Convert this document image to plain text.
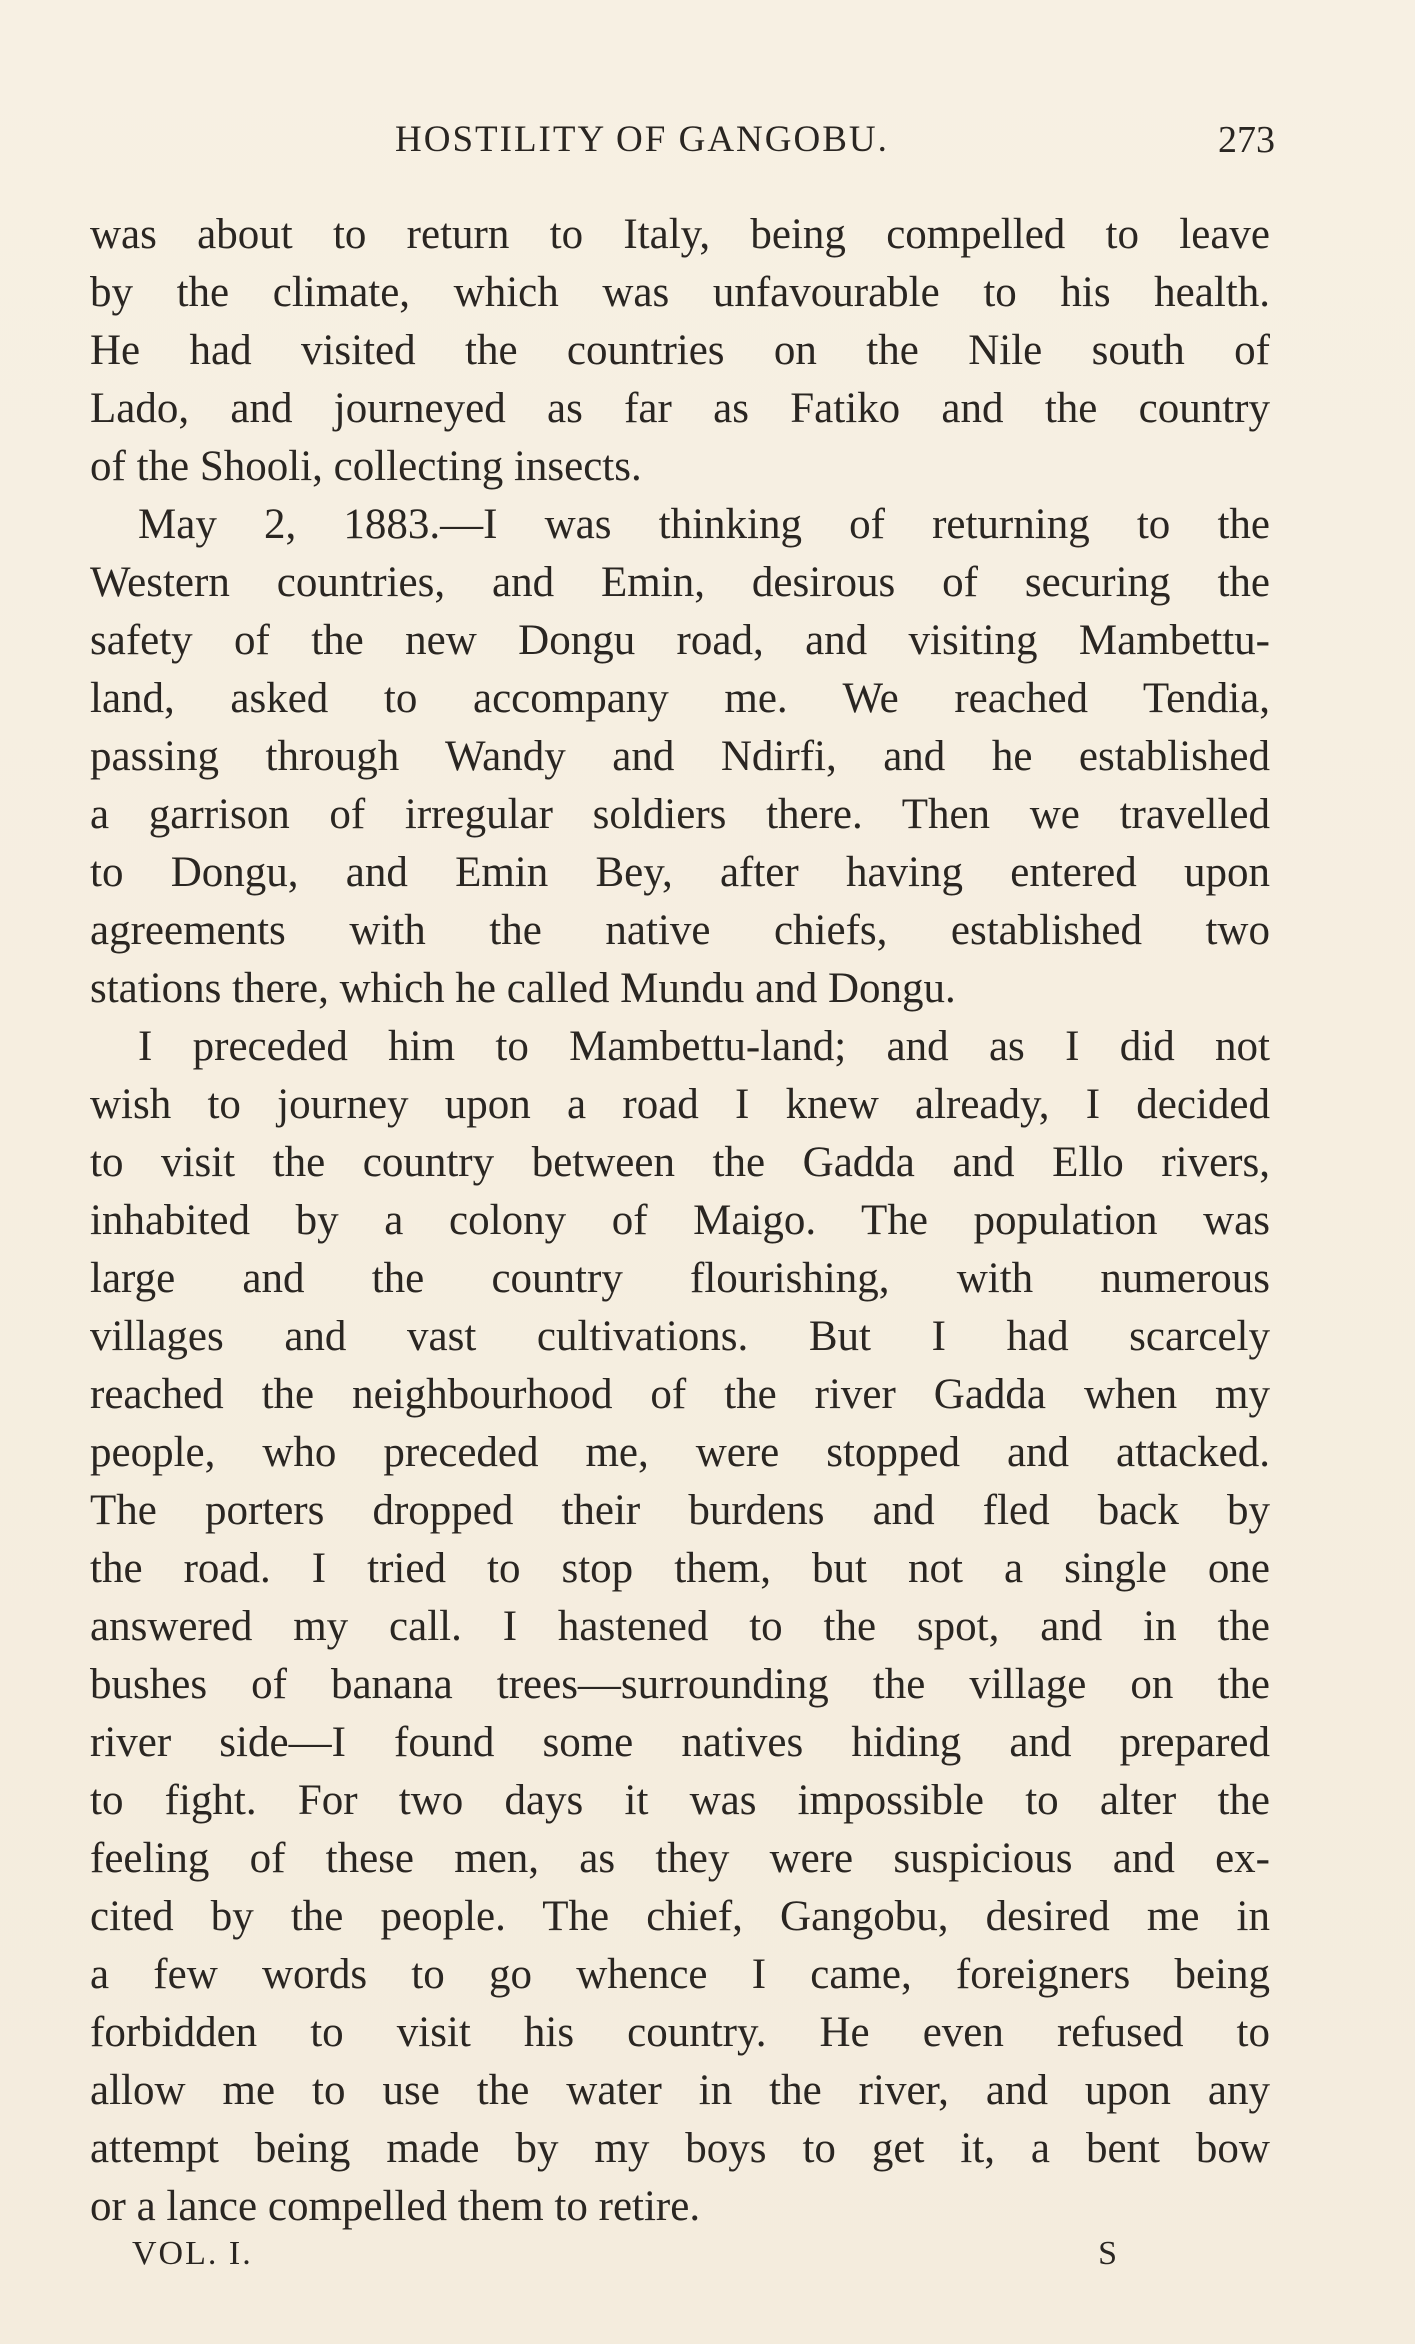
HOSTILITY OF GANGOBU.	273
was about to return to Italy, being compelled to leave
by the climate, which was unfavourable to his health.
He had visited the countries on the Nile south of
Lado, and journeyed as far as Fatiko and the country
of the Shooli, collecting insects.
May 2, 1883.—I was thinking of returning to the
Western countries, and Emin, desirous of securing the
safety of the new Dongu road, and visiting Mambettu-
land, asked to accompany me. We reached Tendia,
passing through Wandy and Ndirfi, and he established
a garrison of irregular soldiers there. Then we travelled
to Dongu, and Emin Bey, after having entered upon
agreements with the native chiefs, established two
stations there, which he called Mundu and Dongu.
I preceded him to Mambettu-land; and as I did not
wish to journey upon a road I knew already, I decided
to visit the country between the Gadda and Ello rivers,
inhabited by a colony of Maigo. The population was
large and the country flourishing, with numerous
villages and vast cultivations. But I had scarcely
reached the neighbourhood of the river Gadda when my
people, who preceded me, were stopped and attacked.
The porters dropped their burdens and fled back by
the road. I tried to stop them, but not a single one
answered my call. I hastened to the spot, and in the
bushes of banana trees—surrounding the village on the
river side—I found some natives hiding and prepared
to fight. For two days it was impossible to alter the
feeling of these men, as they were suspicious and ex-
cited by the people. The chief, Gangobu, desired me in
a few words to go whence I came, foreigners being
forbidden to visit his country. He even refused to
allow me to use the water in the river, and upon any
attempt being made by my boys to get it, a bent bow
or a lance compelled them to retire.
VOL. I.	S
